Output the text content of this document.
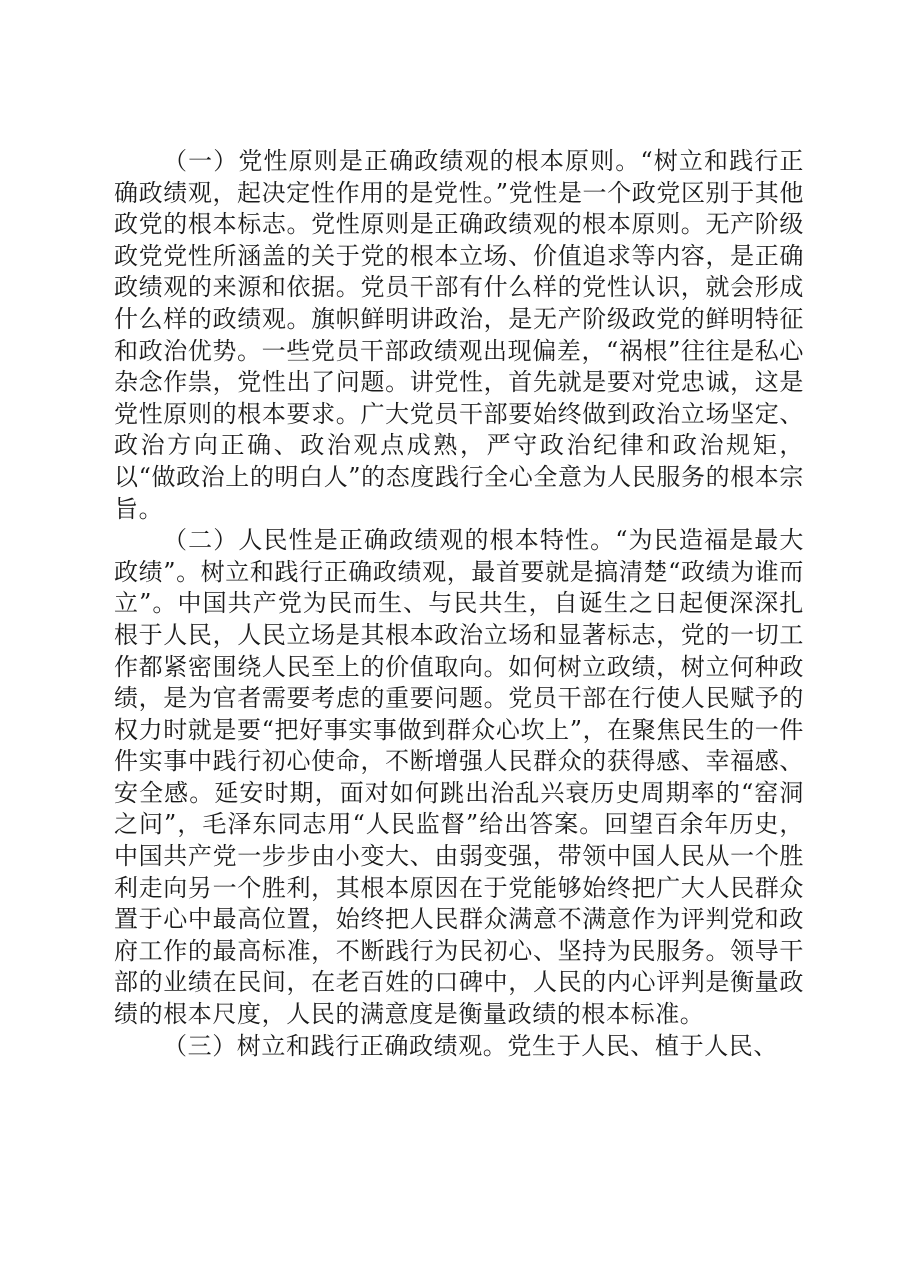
（一）党性原则是正确政绩观的根本原则。“树立和践行正确政绩观，起决定性作用的是党性。”党性是一个政党区别于其他政党的根本标志。党性原则是正确政绩观的根本原则。无产阶级政党党性所涵盖的关于党的根本立场、价值追求等内容，是正确政绩观的来源和依据。党员干部有什么样的党性认识，就会形成什么样的政绩观。旗帜鲜明讲政治，是无产阶级政党的鲜明特征和政治优势。一些党员干部政绩观出现偏差，“祸根”往往是私心杂念作祟，党性出了问题。讲党性，首先就是要对党忠诚，这是党性原则的根本要求。广大党员干部要始终做到政治立场坚定、政治方向正确、政治观点成熟，严守政治纪律和政治规矩，以“做政治上的明白人”的态度践行全心全意为人民服务的根本宗旨。

（二）人民性是正确政绩观的根本特性。“为民造福是最大政绩”。树立和践行正确政绩观，最首要就是搞清楚“政绩为谁而立”。中国共产党为民而生、与民共生，自诞生之日起便深深扎根于人民，人民立场是其根本政治立场和显著标志，党的一切工作都紧密围绕人民至上的价值取向。如何树立政绩，树立何种政绩，是为官者需要考虑的重要问题。党员干部在行使人民赋予的权力时就是要“把好事实事做到群众心坎上”，在聚焦民生的一件件实事中践行初心使命，不断增强人民群众的获得感、幸福感、安全感。延安时期，面对如何跳出治乱兴衰历史周期率的“窑洞之问”，毛泽东同志用“人民监督”给出答案。回望百余年历史，中国共产党一步步由小变大、由弱变强，带领中国人民从一个胜利走向另一个胜利，其根本原因在于党能够始终把广大人民群众置于心中最高位置，始终把人民群众满意不满意作为评判党和政府工作的最高标准，不断践行为民初心、坚持为民服务。领导干部的业绩在民间，在老百姓的口碑中，人民的内心评判是衡量政绩的根本尺度，人民的满意度是衡量政绩的根本标准。

（三）树立和践行正确政绩观。党生于人民、植于人民、
